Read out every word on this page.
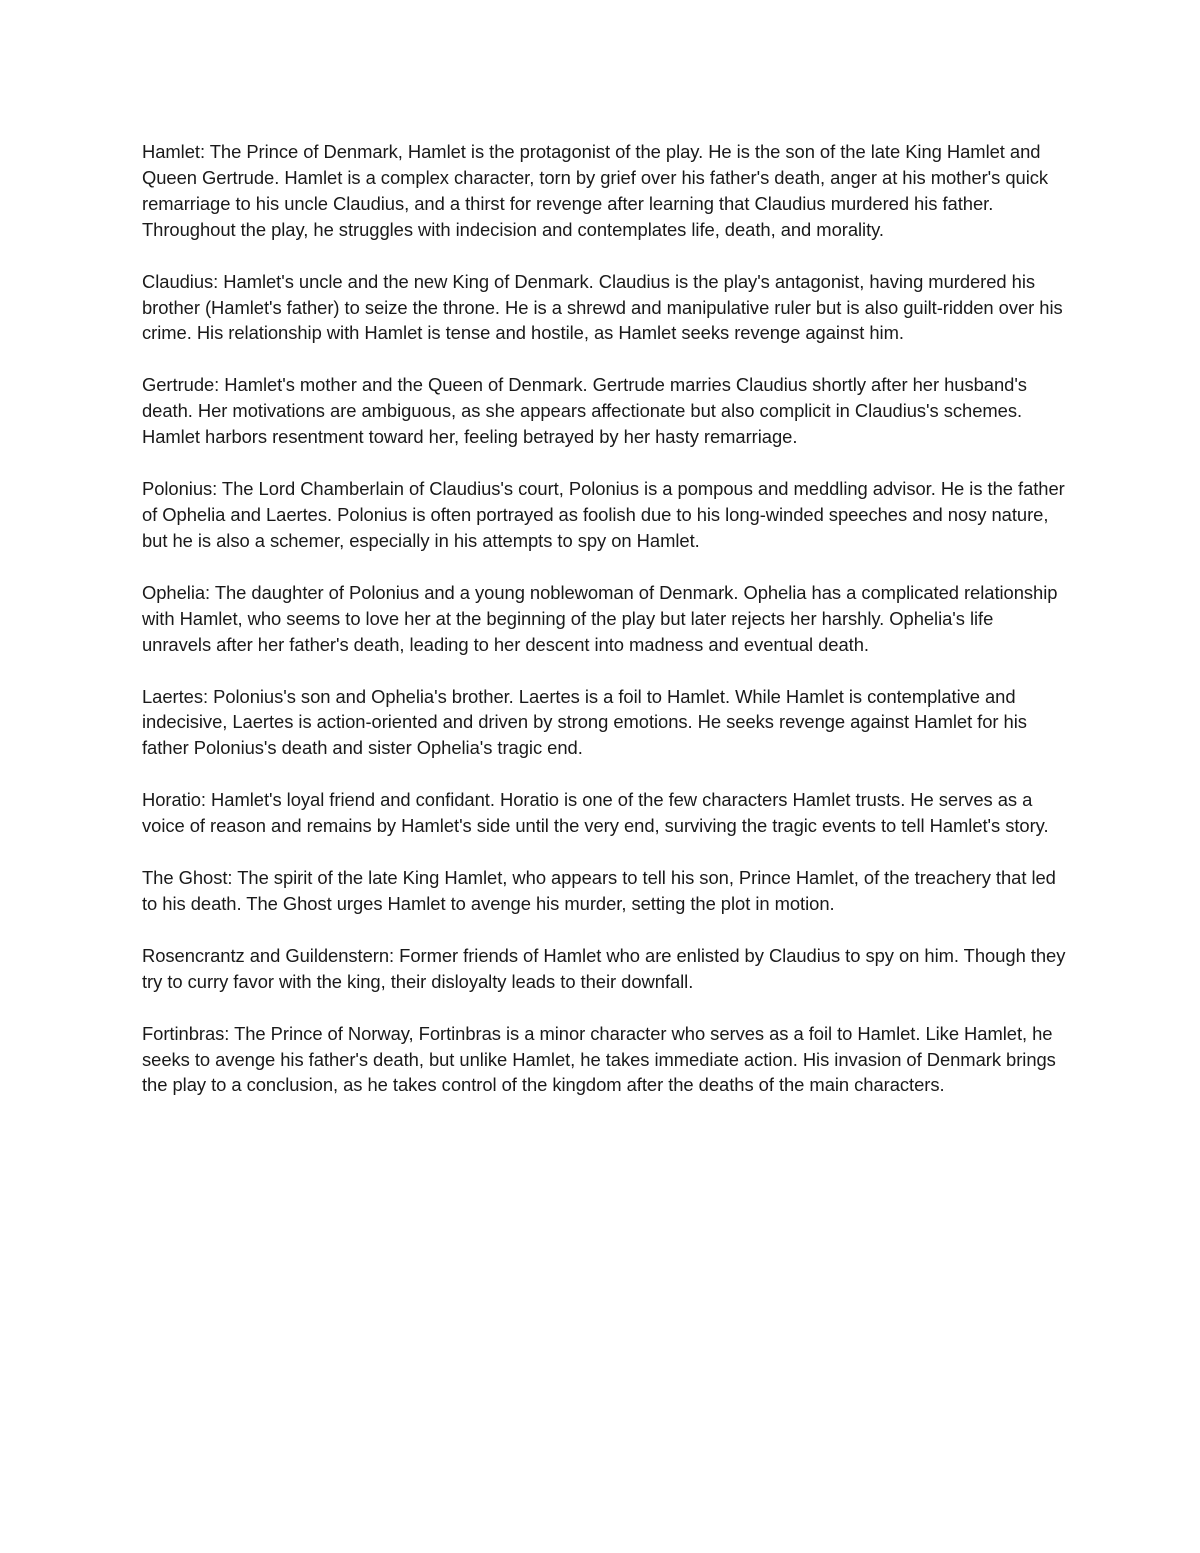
Hamlet: The Prince of Denmark, Hamlet is the protagonist of the play. He is the son of the late King Hamlet and Queen Gertrude. Hamlet is a complex character, torn by grief over his father's death, anger at his mother's quick remarriage to his uncle Claudius, and a thirst for revenge after learning that Claudius murdered his father. Throughout the play, he struggles with indecision and contemplates life, death, and morality.

Claudius: Hamlet's uncle and the new King of Denmark. Claudius is the play's antagonist, having murdered his brother (Hamlet's father) to seize the throne. He is a shrewd and manipulative ruler but is also guilt-ridden over his crime. His relationship with Hamlet is tense and hostile, as Hamlet seeks revenge against him.

Gertrude: Hamlet's mother and the Queen of Denmark. Gertrude marries Claudius shortly after her husband's death. Her motivations are ambiguous, as she appears affectionate but also complicit in Claudius's schemes. Hamlet harbors resentment toward her, feeling betrayed by her hasty remarriage.

Polonius: The Lord Chamberlain of Claudius's court, Polonius is a pompous and meddling advisor. He is the father of Ophelia and Laertes. Polonius is often portrayed as foolish due to his long-winded speeches and nosy nature, but he is also a schemer, especially in his attempts to spy on Hamlet.

Ophelia: The daughter of Polonius and a young noblewoman of Denmark. Ophelia has a complicated relationship with Hamlet, who seems to love her at the beginning of the play but later rejects her harshly. Ophelia's life unravels after her father's death, leading to her descent into madness and eventual death.

Laertes: Polonius's son and Ophelia's brother. Laertes is a foil to Hamlet. While Hamlet is contemplative and indecisive, Laertes is action-oriented and driven by strong emotions. He seeks revenge against Hamlet for his father Polonius's death and sister Ophelia's tragic end.

Horatio: Hamlet's loyal friend and confidant. Horatio is one of the few characters Hamlet trusts. He serves as a voice of reason and remains by Hamlet's side until the very end, surviving the tragic events to tell Hamlet's story.

The Ghost: The spirit of the late King Hamlet, who appears to tell his son, Prince Hamlet, of the treachery that led to his death. The Ghost urges Hamlet to avenge his murder, setting the plot in motion.

Rosencrantz and Guildenstern: Former friends of Hamlet who are enlisted by Claudius to spy on him. Though they try to curry favor with the king, their disloyalty leads to their downfall.

Fortinbras: The Prince of Norway, Fortinbras is a minor character who serves as a foil to Hamlet. Like Hamlet, he seeks to avenge his father's death, but unlike Hamlet, he takes immediate action. His invasion of Denmark brings the play to a conclusion, as he takes control of the kingdom after the deaths of the main characters.
